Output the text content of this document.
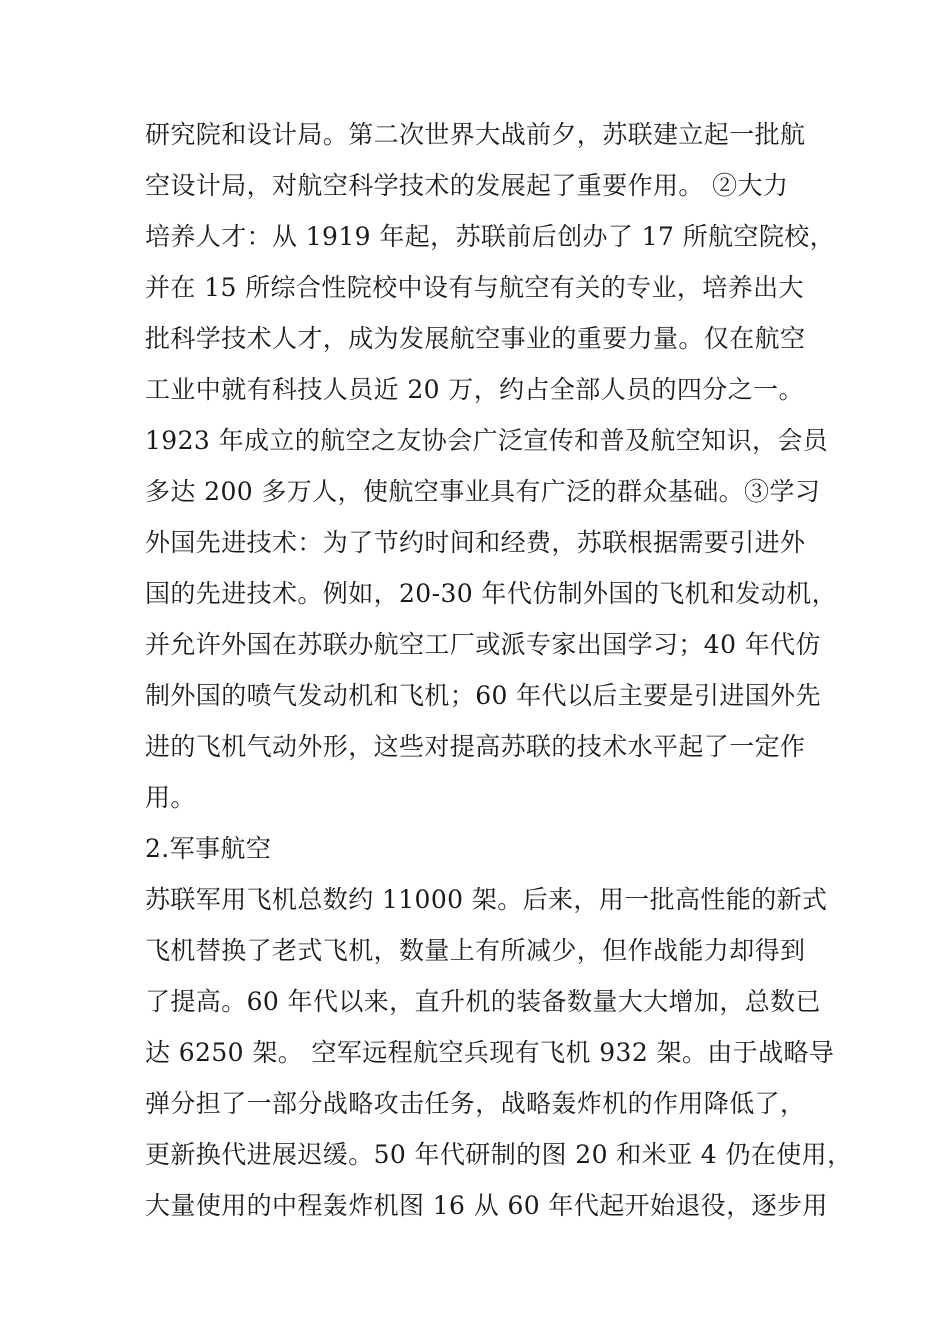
研究院和设计局。第二次世界大战前夕，苏联建立起一批航
空设计局，对航空科学技术的发展起了重要作用。 ②大力
培养人才：从 1919 年起，苏联前后创办了 17 所航空院校，
并在 15 所综合性院校中设有与航空有关的专业，培养出大
批科学技术人才，成为发展航空事业的重要力量。仅在航空
工业中就有科技人员近 20 万，约占全部人员的四分之一。
1923 年成立的航空之友协会广泛宣传和普及航空知识，会员
多达 200 多万人，使航空事业具有广泛的群众基础。③学习
外国先进技术：为了节约时间和经费，苏联根据需要引进外
国的先进技术。例如，20-30 年代仿制外国的飞机和发动机，
并允许外国在苏联办航空工厂或派专家出国学习；40 年代仿
制外国的喷气发动机和飞机；60 年代以后主要是引进国外先
进的飞机气动外形，这些对提高苏联的技术水平起了一定作
用。
2.军事航空
苏联军用飞机总数约 11000 架。后来，用一批高性能的新式
飞机替换了老式飞机，数量上有所减少，但作战能力却得到
了提高。60 年代以来，直升机的装备数量大大增加，总数已
达 6250 架。 空军远程航空兵现有飞机 932 架。由于战略导
弹分担了一部分战略攻击任务，战略轰炸机的作用降低了，
更新换代进展迟缓。50 年代研制的图 20 和米亚 4 仍在使用，
大量使用的中程轰炸机图 16 从 60 年代起开始退役，逐步用
